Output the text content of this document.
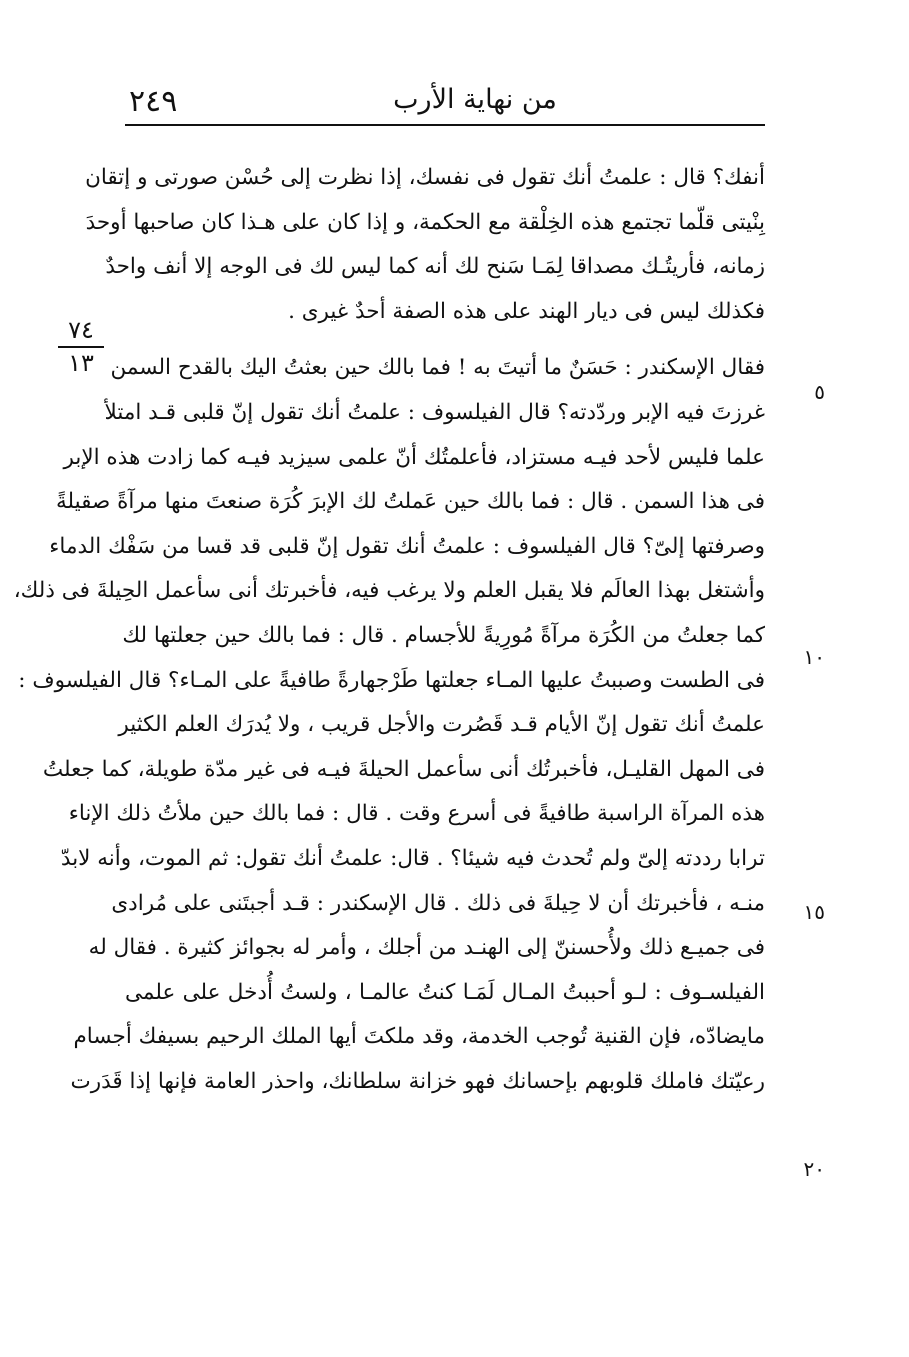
٢٤٩	من نهاية الأرب
٧٤
١٣
أنفك؟ قال : علمتُ أنك تقول فى نفسك، إذا نظرت إلى حُسْن صورتى و إتقان
بِنْيتى قلّما تجتمع هذه الخِلْقة مع الحكمة، و إذا كان على هـذا كان صاحبها أوحدَ
زمانه، فأريتُـك مصداقا لِمَـا سَنح لك أنه كما ليس لك فى الوجه إلا أنف واحدٌ
فكذلك ليس فى ديار الهند على هذه الصفة أحدٌ غيرى .
فقال الإسكندر : حَسَنٌ ما أتيتَ به ! فما بالك حين بعثتُ اليك بالقدح السمن
غرزتَ فيه الإبر وردّدته؟ قال الفيلسوف : علمتُ أنك تقول إنّ قلبى قـد امتلأ
علما فليس لأحد فيـه مستزاد، فأعلمتُك أنّ علمى سيزيد فيـه كما زادت هذه الإبر
فى هذا السمن . قال : فما بالك حين عَملتُ لك الإبرَ كُرَة صنعتَ منها مرآةً صقيلةً
وصرفتها إلىّ؟ قال الفيلسوف : علمتُ أنك تقول إنّ قلبى قد قسا من سَفْك الدماء
وأشتغل بهذا العالَم فلا يقبل العلم ولا يرغب فيه، فأخبرتك أنى سأعمل الحِيلةَ فى ذلك،
كما جعلتُ من الكُرَة مرآةً مُورِيةً للأجسام . قال : فما بالك حين جعلتها لك
فى الطست وصببتُ عليها المـاء جعلتها طَرْجهارةً طافيةً على المـاء؟ قال الفيلسوف :
علمتُ أنك تقول إنّ الأيام قـد قَصُرت والأجل قريب ، ولا يُدرَك العلم الكثير
فى المهل القليـل، فأخبرتُك أنى سأعمل الحيلةَ فيـه فى غير مدّة طويلة، كما جعلتُ
هذه المرآة الراسبة طافيةً فى أسرع وقت . قال : فما بالك حين ملأتُ ذلك الإناء
ترابا رددته إلىّ ولم تُحدث فيه شيئا؟ . قال: علمتُ أنك تقول: ثم الموت، وأنه لابدّ
منـه ، فأخبرتك أن لا حِيلةَ فى ذلك . قال الإسكندر : قـد أجبتَنى على مُرادى
فى جميـع ذلك ولأُحسننّ إلى الهنـد من أجلك ، وأمر له بجوائز كثيرة . فقال له
الفيلسـوف : لـو أحببتُ المـال لَمَـا كنتُ عالمـا ، ولستُ أُدخل على علمى
مايضادّه، فإن القنية تُوجب الخدمة، وقد ملكتَ أيها الملك الرحيم بسيفك أجسام
رعيّتك فاملك قلوبهم بإحسانك فهو خزانة سلطانك، واحذر العامة فإنها إذا قَدَرت
٥
١٠
١٥
٢٠
